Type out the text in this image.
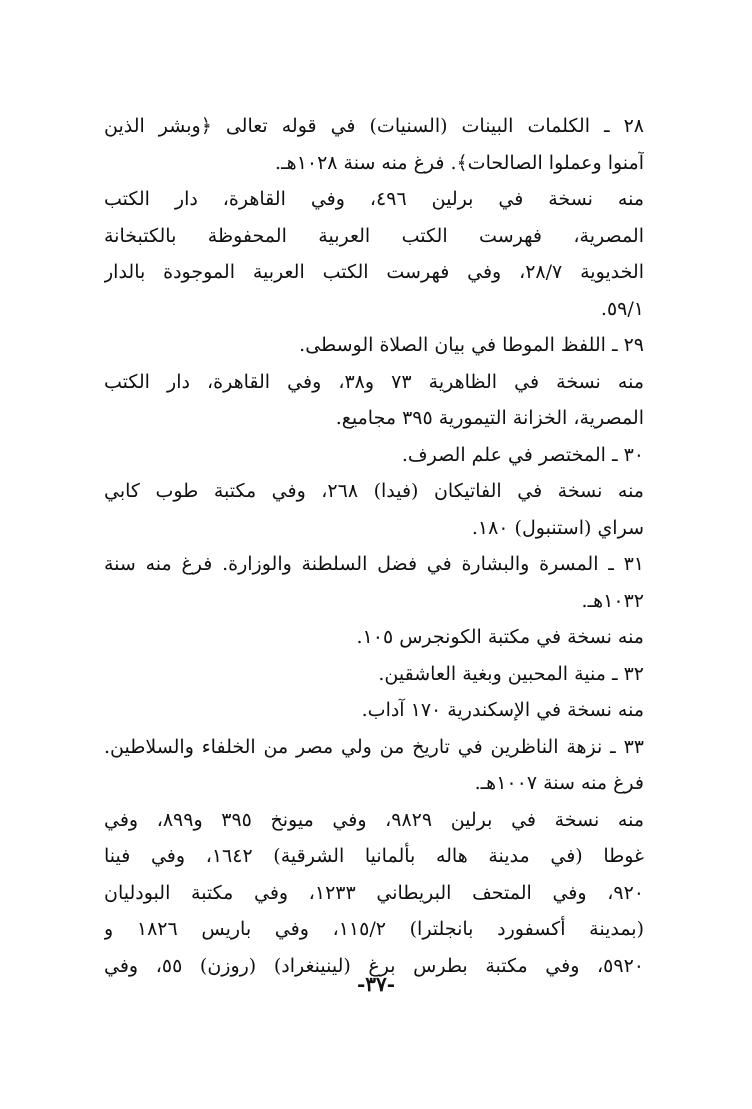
٢٨ ـ الكلمات البينات (السنيات) في قوله تعالى ﴿وبشر الذين
آمنوا وعملوا الصالحات﴾. فرغ منه سنة ١٠٢٨هـ.
منه نسخة في برلين ٤٩٦، وفي القاهرة، دار الكتب
المصرية، فهرست الكتب العربية المحفوظة بالكتبخانة
الخديوية ٢٨/٧، وفي فهرست الكتب العربية الموجودة بالدار
٥٩/١.
٢٩ ـ اللفظ الموطا في بيان الصلاة الوسطى.
منه نسخة في الظاهرية ٧٣ و٣٨، وفي القاهرة، دار الكتب
المصرية، الخزانة التيمورية ٣٩٥ مجاميع.
٣٠ ـ المختصر في علم الصرف.
منه نسخة في الفاتيكان (فيدا) ٢٦٨، وفي مكتبة طوب كابي
سراي (استنبول) ١٨٠.
٣١ ـ المسرة والبشارة في فضل السلطنة والوزارة. فرغ منه سنة
١٠٣٢هـ.
منه نسخة في مكتبة الكونجرس ١٠٥.
٣٢ ـ منية المحبين وبغية العاشقين.
منه نسخة في الإسكندرية ١٧٠ آداب.
٣٣ ـ نزهة الناظرين في تاريخ من ولي مصر من الخلفاء والسلاطين.
فرغ منه سنة ١٠٠٧هـ.
منه نسخة في برلين ٩٨٢٩، وفي ميونخ ٣٩٥ و٨٩٩، وفي
غوطا (في مدينة هاله بألمانيا الشرقية) ١٦٤٢، وفي فينا
٩٢٠، وفي المتحف البريطاني ١٢٣٣، وفي مكتبة البودليان
(بمدينة أكسفورد بانجلترا) ١١٥/٢، وفي باريس ١٨٢٦ و
٥٩٢٠، وفي مكتبة بطرس برغ (لينينغراد) (روزن) ٥٥، وفي
-٣٧-
